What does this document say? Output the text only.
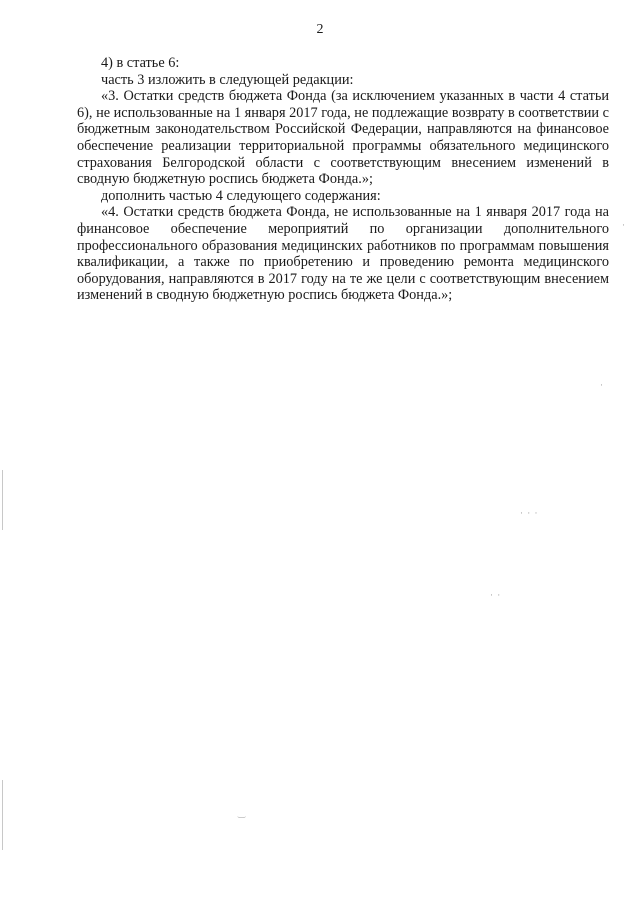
2

4) в статье 6:

часть 3 изложить в следующей редакции:

«3. Остатки средств бюджета Фонда (за исключением указанных в части 4 статьи 6), не использованные на 1 января 2017 года, не подлежащие возврату в соответствии с бюджетным законодательством Российской Федерации, направляются на финансовое обеспечение реализации территориальной программы обязательного медицинского страхования Белгородской области с соответствующим внесением изменений в сводную бюджетную роспись бюджета Фонда.»;

дополнить частью 4 следующего содержания:

«4. Остатки средств бюджета Фонда, не использованные на 1 января 2017 года на финансовое обеспечение мероприятий по организации дополнительного профессионального образования медицинских работников по программам повышения квалификации, а также по приобретению и проведению ремонта медицинского оборудования, направляются в 2017 году на те же цели с соответствующим внесением изменений в сводную бюджетную роспись бюджета Фонда.»;

· · ·
· ·
‿
·
·
